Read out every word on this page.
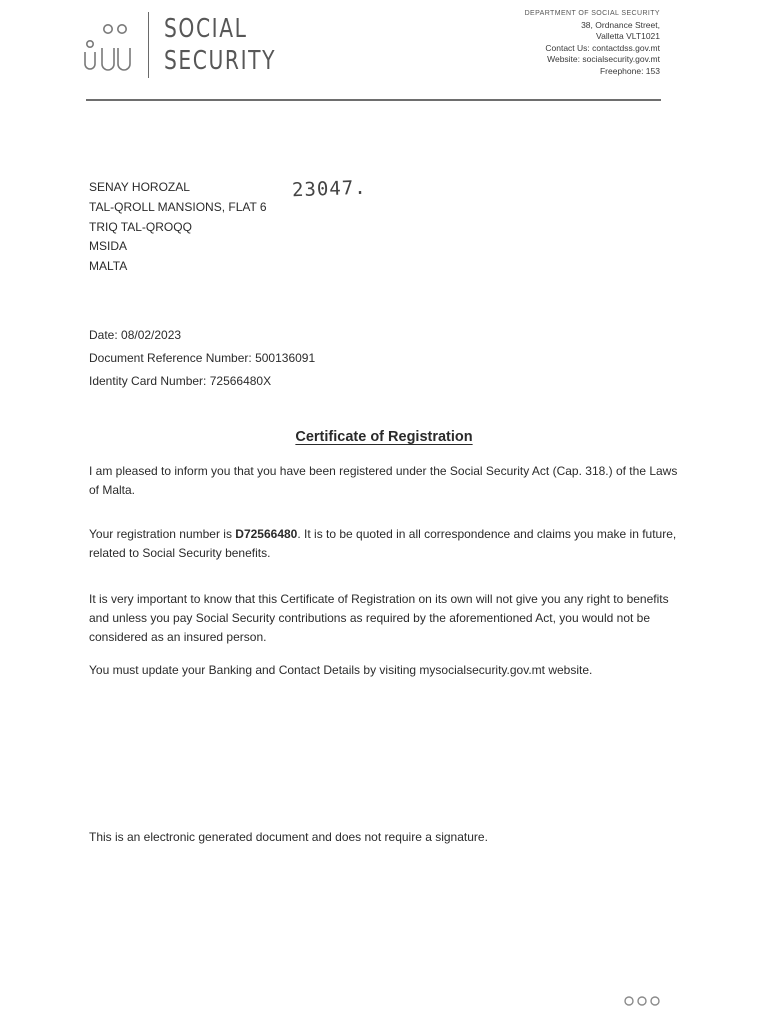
SOCIAL
SECURITY
DEPARTMENT OF SOCIAL SECURITY
38, Ordnance Street,
Valletta VLT1021
Contact Us: contactdss.gov.mt
Website: socialsecurity.gov.mt
Freephone: 153
SENAY HOROZAL
TAL-QROLL MANSIONS, FLAT 6
TRIQ TAL-QROQQ
MSIDA
MALTA
23047.
Date: 08/02/2023
Document Reference Number: 500136091
Identity Card Number: 72566480X
Certificate of Registration
I am pleased to inform you that you have been registered under the Social Security Act (Cap. 318.) of the Laws of Malta.
Your registration number is D72566480. It is to be quoted in all correspondence and claims you make in future, related to Social Security benefits.
It is very important to know that this Certificate of Registration on its own will not give you any right to benefits and unless you pay Social Security contributions as required by the aforementioned Act, you would not be considered as an insured person.
You must update your Banking and Contact Details by visiting mysocialsecurity.gov.mt website.
This is an electronic generated document and does not require a signature.
